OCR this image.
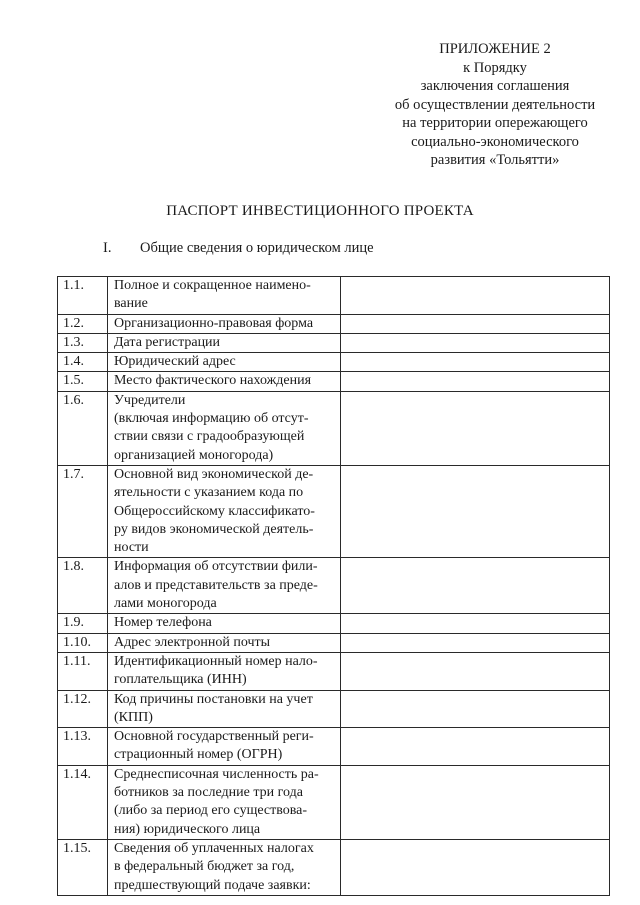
ПРИЛОЖЕНИЕ 2
к Порядку
заключения соглашения
об осуществлении деятельности
на территории опережающего
социально-экономического
развития «Тольятти»
ПАСПОРТ ИНВЕСТИЦИОННОГО ПРОЕКТА
I. Общие сведения о юридическом лице
1.1.	Полное и сокращенное наимено-
вание	

1.2.	Организационно-правовая форма	

1.3.	Дата регистрации	

1.4.	Юридический адрес	

1.5.	Место фактического нахождения	

1.6.	Учредители
(включая информацию об отсут-
ствии связи с градообразующей
организацией моногорода)	

1.7.	Основной вид экономической де-
ятельности с указанием кода по
Общероссийскому классификато-
ру видов экономической деятель-
ности	

1.8.	Информация об отсутствии фили-
алов и представительств за преде-
лами моногорода	

1.9.	Номер телефона	

1.10.	Адрес электронной почты	

1.11.	Идентификационный номер нало-
гоплательщика (ИНН)	

1.12.	Код причины постановки на учет
(КПП)	

1.13.	Основной государственный реги-
страционный номер (ОГРН)	

1.14.	Среднесписочная численность ра-
ботников за последние три года
(либо за период его существова-
ния) юридического лица	

1.15.	Сведения об уплаченных налогах
в федеральный бюджет за год,
предшествующий подаче заявки:	
